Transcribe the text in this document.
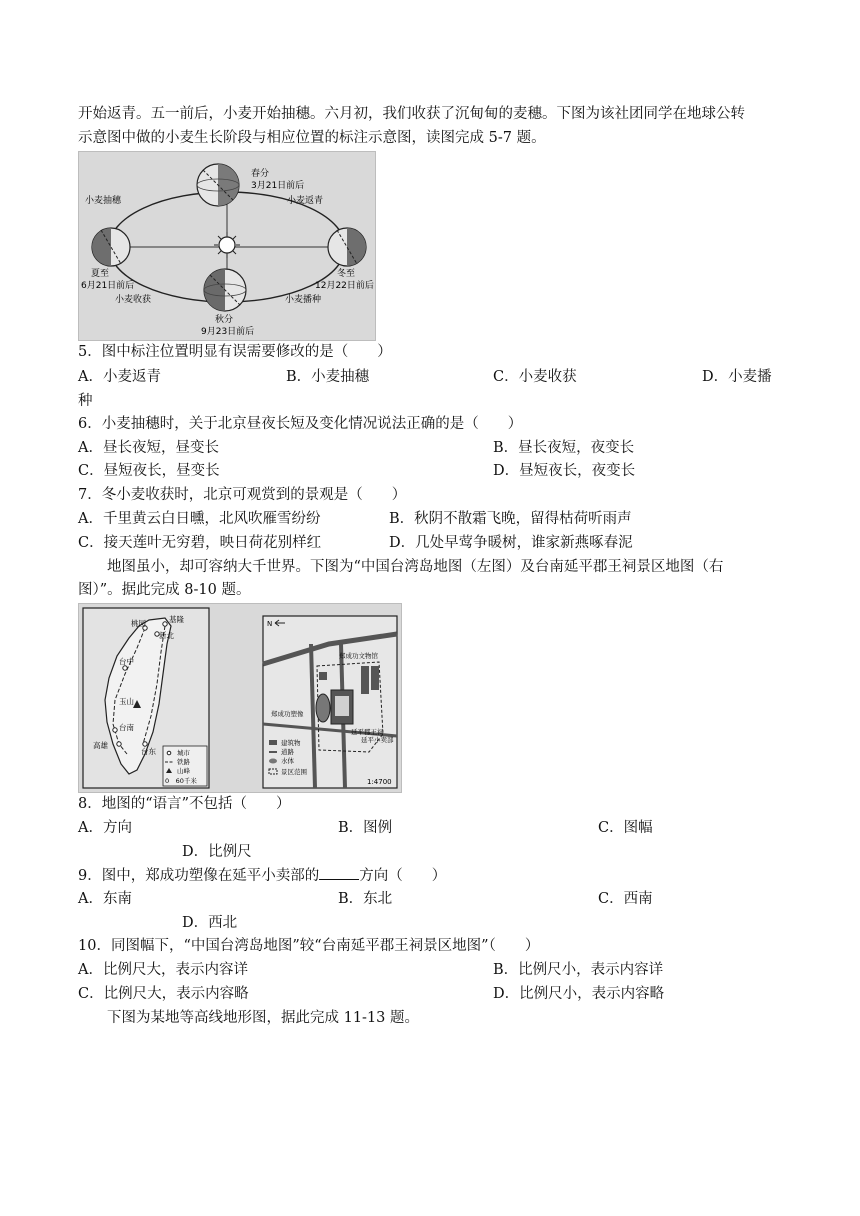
开始返青。五一前后，小麦开始抽穗。六月初，我们收获了沉甸甸的麦穗。下图为该社团同学在地球公转
示意图中做的小麦生长阶段与相应位置的标注示意图，读图完成 5-7 题。
春分
3月21日前后
小麦抽穗	小麦返青
夏至
6月21日前后
冬至
12月22日前后
小麦收获	小麦播种
秋分
9月23日前后
5．图中标注位置明显有误需要修改的是（　　）
A．小麦返青	B．小麦抽穗	C．小麦收获	D．小麦播
种
6．小麦抽穗时，关于北京昼夜长短及变化情况说法正确的是（　　）
A．昼长夜短，昼变长	B．昼长夜短，夜变长
C．昼短夜长，昼变长	D．昼短夜长，夜变长
7．冬小麦收获时，北京可观赏到的景观是（　　）
A．千里黄云白日曛，北风吹雁雪纷纷	B．秋阴不散霜飞晚，留得枯荷听雨声
C．接天莲叶无穷碧，映日荷花别样红	D．几处早莺争暖树，谁家新燕啄春泥
地图虽小，却可容纳大千世界。下图为“中国台湾岛地图（左图）及台南延平郡王祠景区地图（右
图）”。据此完成 8-10 题。
桃园	基隆
新北
台中
玉山
台南
高雄
台东	城市
铁路
山峰
0　60千米
N
郑成功文物馆
郑成功塑像
延平郡王祠
延平小卖部
建筑物
道路
水体
景区范围
1:4700
8．地图的“语言”不包括（　　）
A．方向	B．图例	C．图幅
D．比例尺
9．图中，郑成功塑像在延平小卖部的	方向（　　）
A．东南	B．东北	C．西南
D．西北
10．同图幅下，“中国台湾岛地图”较“台南延平郡王祠景区地图”（　　）
A．比例尺大，表示内容详	B．比例尺小，表示内容详
C．比例尺大，表示内容略	D．比例尺小，表示内容略
下图为某地等高线地形图，据此完成 11-13 题。
